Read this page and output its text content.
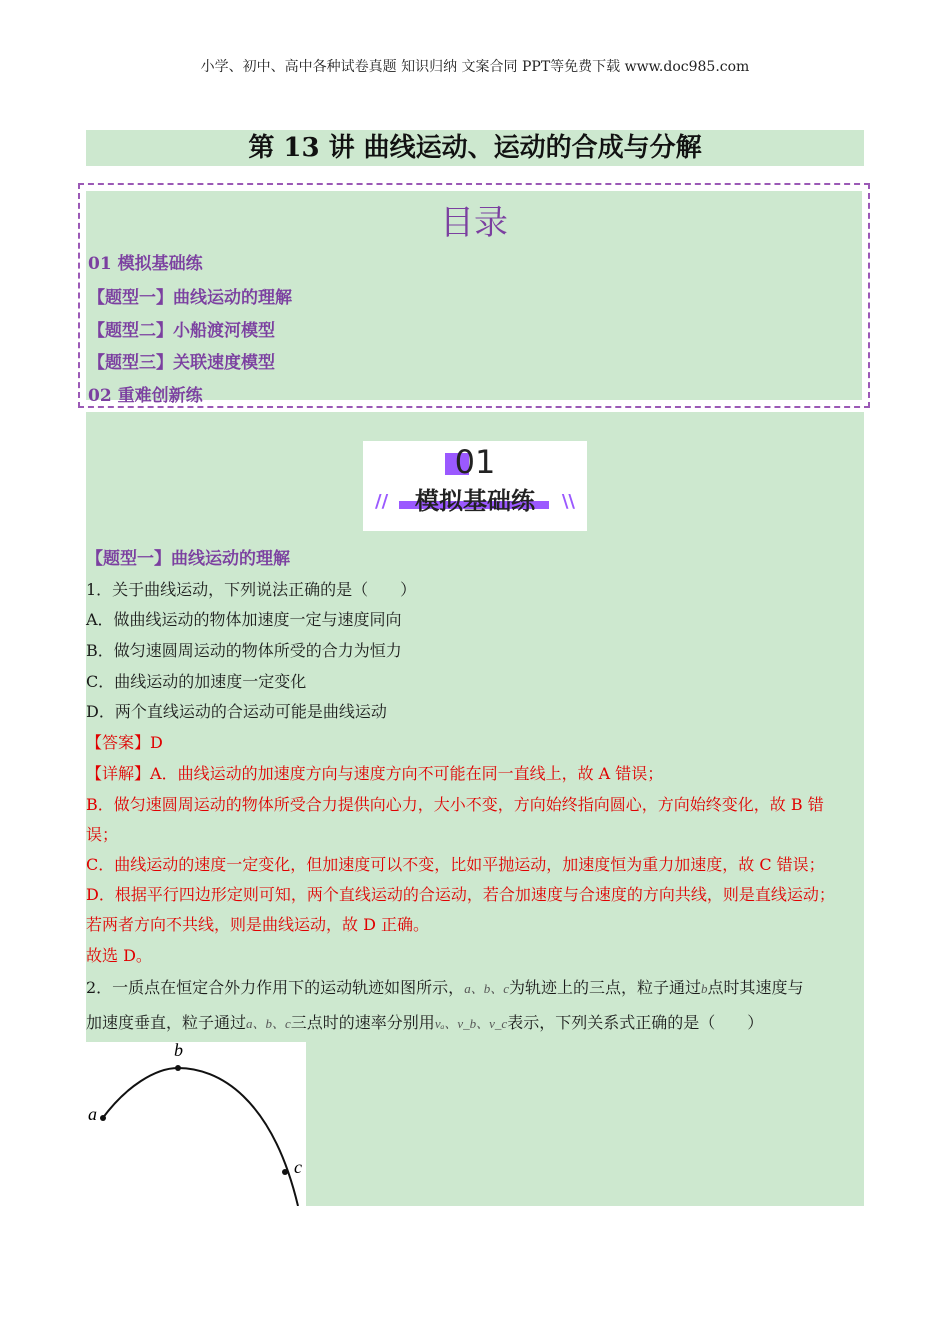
小学、初中、高中各种试卷真题 知识归纳 文案合同 PPT等免费下载 www.doc985.com
第 13 讲 曲线运动、运动的合成与分解
目录
01 模拟基础练
【题型一】曲线运动的理解
【题型二】小船渡河模型
【题型三】关联速度模型
02 重难创新练
01
模拟基础练
//	\\
【题型一】曲线运动的理解
1．关于曲线运动，下列说法正确的是（　　）
A．做曲线运动的物体加速度一定与速度同向
B．做匀速圆周运动的物体所受的合力为恒力
C．曲线运动的加速度一定变化
D．两个直线运动的合运动可能是曲线运动
【答案】D
【详解】A．曲线运动的加速度方向与速度方向不可能在同一直线上，故 A 错误；
B．做匀速圆周运动的物体所受合力提供向心力，大小不变，方向始终指向圆心，方向始终变化，故 B 错
误；
C．曲线运动的速度一定变化，但加速度可以不变，比如平抛运动，加速度恒为重力加速度，故 C 错误；
D．根据平行四边形定则可知，两个直线运动的合运动，若合加速度与合速度的方向共线，则是直线运动；
若两者方向不共线，则是曲线运动，故 D 正确。
故选 D。
2．一质点在恒定合外力作用下的运动轨迹如图所示，a、b、c为轨迹上的三点，粒子通过b点时其速度与
加速度垂直，粒子通过a、b、c三点时的速率分别用vₐ、v_b、v_c表示，下列关系式正确的是（　　）
a
b
c
